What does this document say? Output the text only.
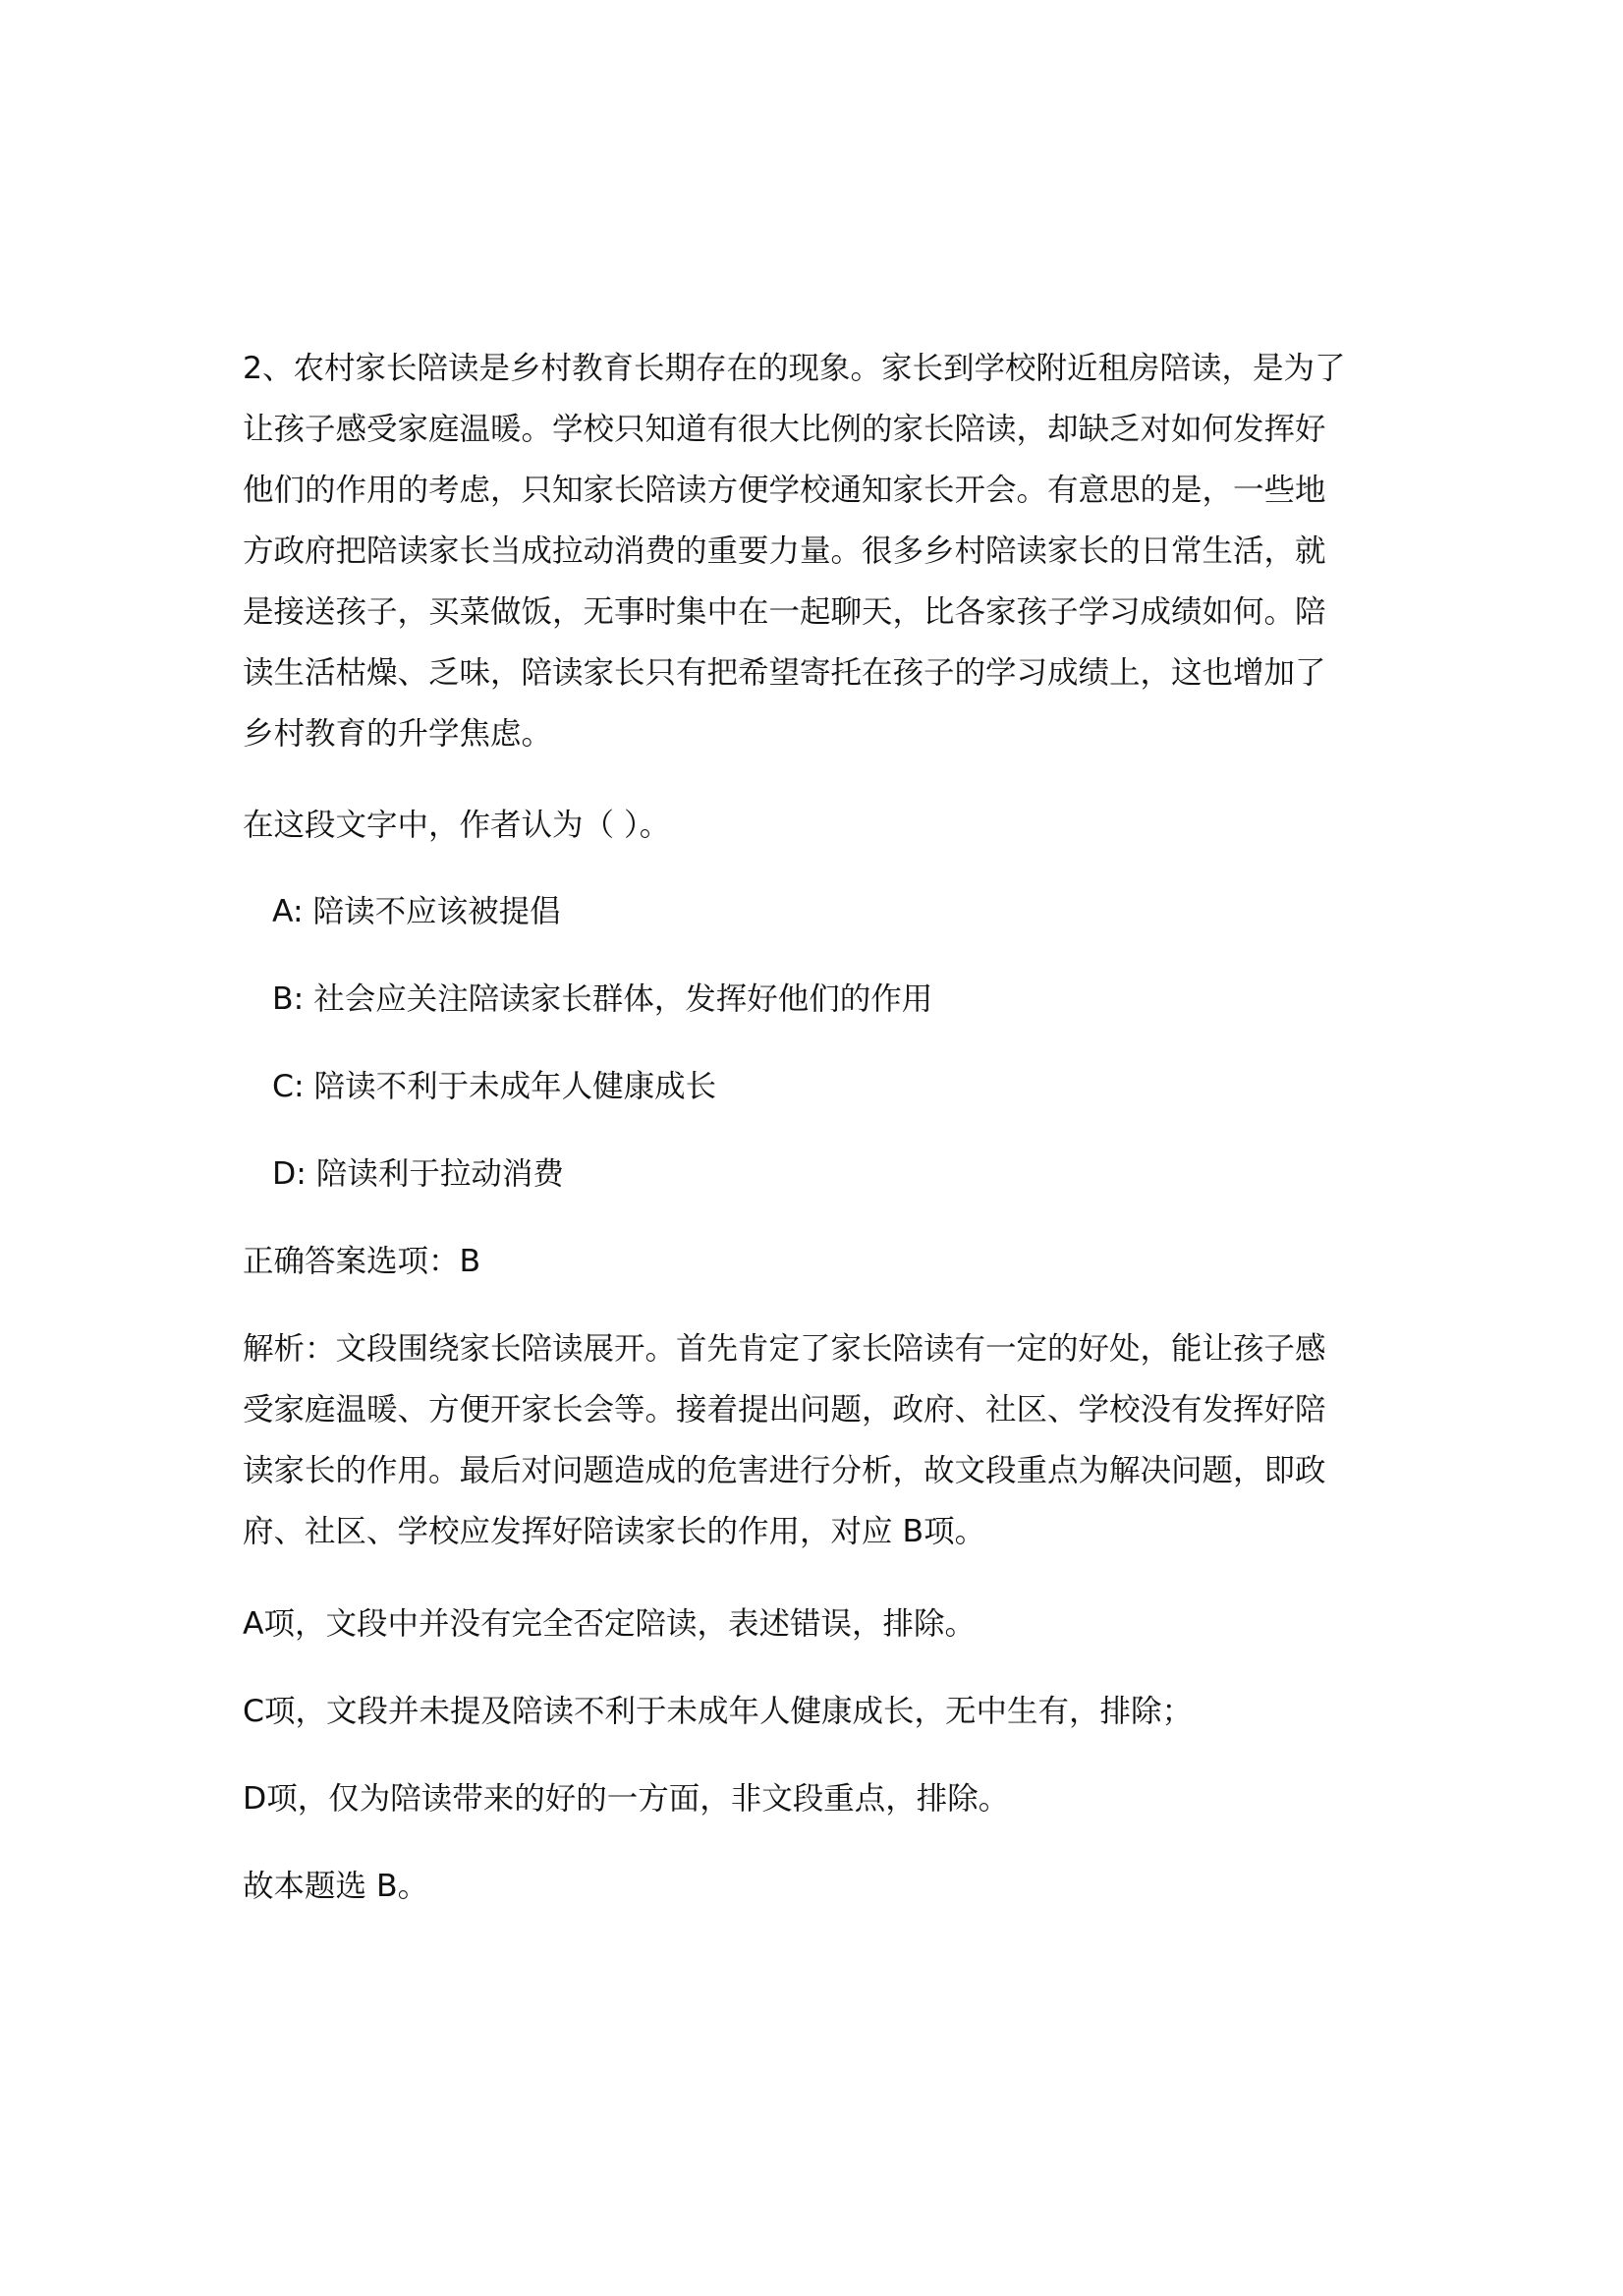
2、农村家长陪读是乡村教育长期存在的现象。家长到学校附近租房陪读，是为了
让孩子感受家庭温暖。学校只知道有很大比例的家长陪读，却缺乏对如何发挥好
他们的作用的考虑，只知家长陪读方便学校通知家长开会。有意思的是，一些地
方政府把陪读家长当成拉动消费的重要力量。很多乡村陪读家长的日常生活，就
是接送孩子，买菜做饭，无事时集中在一起聊天，比各家孩子学习成绩如何。陪
读生活枯燥、乏味，陪读家长只有把希望寄托在孩子的学习成绩上，这也增加了
乡村教育的升学焦虑。
在这段文字中，作者认为（ ）。
A: 陪读不应该被提倡
B: 社会应关注陪读家长群体，发挥好他们的作用
C: 陪读不利于未成年人健康成长
D: 陪读利于拉动消费
正确答案选项：B
解析：文段围绕家长陪读展开。首先肯定了家长陪读有一定的好处，能让孩子感
受家庭温暖、方便开家长会等。接着提出问题，政府、社区、学校没有发挥好陪
读家长的作用。最后对问题造成的危害进行分析，故文段重点为解决问题，即政
府、社区、学校应发挥好陪读家长的作用，对应 B项。
A项，文段中并没有完全否定陪读，表述错误，排除。
C项，文段并未提及陪读不利于未成年人健康成长，无中生有，排除；
D项，仅为陪读带来的好的一方面，非文段重点，排除。
故本题选 B。
